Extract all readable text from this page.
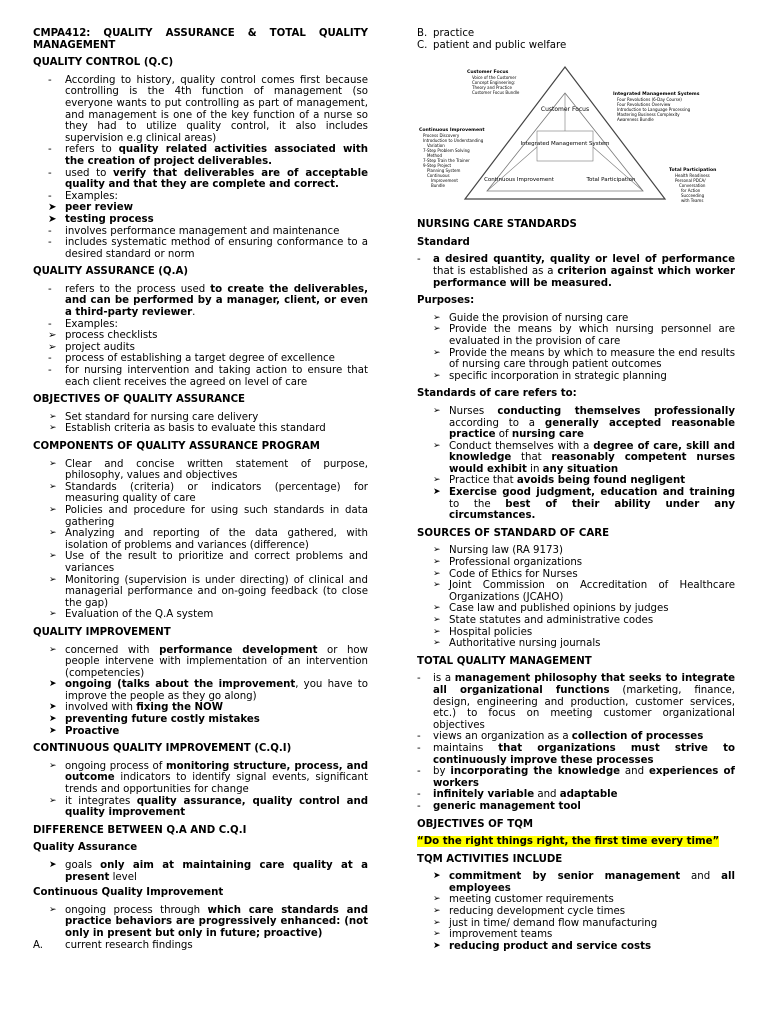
CMPA412: QUALITY ASSURANCE & TOTAL QUALITY MANAGEMENT
QUALITY CONTROL (Q.C)
- According to history, quality control comes first because controlling is the 4th function of management (so everyone wants to put controlling as part of management, and management is one of the key function of a nurse so they had to utilize quality control, it also includes supervision e.g clinical areas)
- refers to quality related activities associated with the creation of project deliverables.
- used to verify that deliverables are of acceptable quality and that they are complete and correct.
- Examples:
➤ peer review
➤ testing process
- involves performance management and maintenance
- includes systematic method of ensuring conformance to a desired standard or norm
QUALITY ASSURANCE (Q.A)
- refers to the process used to create the deliverables, and can be performed by a manager, client, or even a third-party reviewer.
- Examples:
➢ process checklists
➢ project audits
- process of establishing a target degree of excellence
- for nursing intervention and taking action to ensure that each client receives the agreed on level of care
OBJECTIVES OF QUALITY ASSURANCE
➢ Set standard for nursing care delivery
➢ Establish criteria as basis to evaluate this standard
COMPONENTS OF QUALITY ASSURANCE PROGRAM
➢ Clear and concise written statement of purpose, philosophy, values and objectives
➢ Standards (criteria) or indicators (percentage) for measuring quality of care
➢ Policies and procedure for using such standards in data gathering
➢ Analyzing and reporting of the data gathered, with isolation of problems and variances (difference)
➢ Use of the result to prioritize and correct problems and variances
➢ Monitoring (supervision is under directing) of clinical and managerial performance and on-going feedback (to close the gap)
➢ Evaluation of the Q.A system
QUALITY IMPROVEMENT
➢ concerned with performance development or how people intervene with implementation of an intervention (competencies)
➤ ongoing (talks about the improvement, you have to improve the people as they go along)
➤ involved with fixing the NOW
➤ preventing future costly mistakes
➤ Proactive
CONTINUOUS QUALITY IMPROVEMENT (C.Q.I)
➢ ongoing process of monitoring structure, process, and outcome indicators to identify signal events, significant trends and opportunities for change
➢ it integrates quality assurance, quality control and quality improvement
DIFFERENCE BETWEEN Q.A AND C.Q.I
Quality Assurance
➤ goals only aim at maintaining care quality at a present level
Continuous Quality Improvement
➢ ongoing process through which care standards and practice behaviors are progressively enhanced: (not only in present but only in future; proactive)
A. current research findings
B. practice
C. patient and public welfare
Customer Focus
Integrated Management System
Continuous Improvement	Total Participation
Customer Focus
Voice of the Customer
Concept Engineering:
Theory and Practice
Customer Focus Bundle	Integrated Management Systems
Four Revolutions (6-Day Course)
Four Revolutions Overview
Introduction to Language Processing
Mastering Business Complexity
Awareness Bundle
Continuous Improvement
Process Discovery
Introduction to Understanding
Variation
7-Step Problem Solving
Method
7-Step Train the Trainer
9-Step Project
Planning System
Continuous
Improvement
Bundle
Total Participation
Health Readiness
Personal PDCA/
Conversation
for Action
Succeeding
with Teams
NURSING CARE STANDARDS
Standard
- a desired quantity, quality or level of performance that is established as a criterion against which worker performance will be measured.
Purposes:
➢ Guide the provision of nursing care
➢ Provide the means by which nursing personnel are evaluated in the provision of care
➢ Provide the means by which to measure the end results of nursing care through patient outcomes
➢ specific incorporation in strategic planning
Standards of care refers to:
➢ Nurses conducting themselves professionally according to a generally accepted reasonable practice of nursing care
➢ Conduct themselves with a degree of care, skill and knowledge that reasonably competent nurses would exhibit in any situation
➢ Practice that avoids being found negligent
➤ Exercise good judgment, education and training to the best of their ability under any circumstances.
SOURCES OF STANDARD OF CARE
➢ Nursing law (RA 9173)
➢ Professional organizations
➢ Code of Ethics for Nurses
➢ Joint Commission on Accreditation of Healthcare Organizations (JCAHO)
➢ Case law and published opinions by judges
➢ State statutes and administrative codes
➢ Hospital policies
➢ Authoritative nursing journals
TOTAL QUALITY MANAGEMENT
- is a management philosophy that seeks to integrate all organizational functions (marketing, finance, design, engineering and production, customer services, etc.) to focus on meeting customer organizational objectives
- views an organization as a collection of processes
- maintains that organizations must strive to continuously improve these processes
- by incorporating the knowledge and experiences of workers
- infinitely variable and adaptable
- generic management tool
OBJECTIVES OF TQM
“Do the right things right, the first time every time”
TQM ACTIVITIES INCLUDE
➤ commitment by senior management and all employees
➢ meeting customer requirements
➢ reducing development cycle times
➢ just in time/ demand flow manufacturing
➢ improvement teams
➤ reducing product and service costs
